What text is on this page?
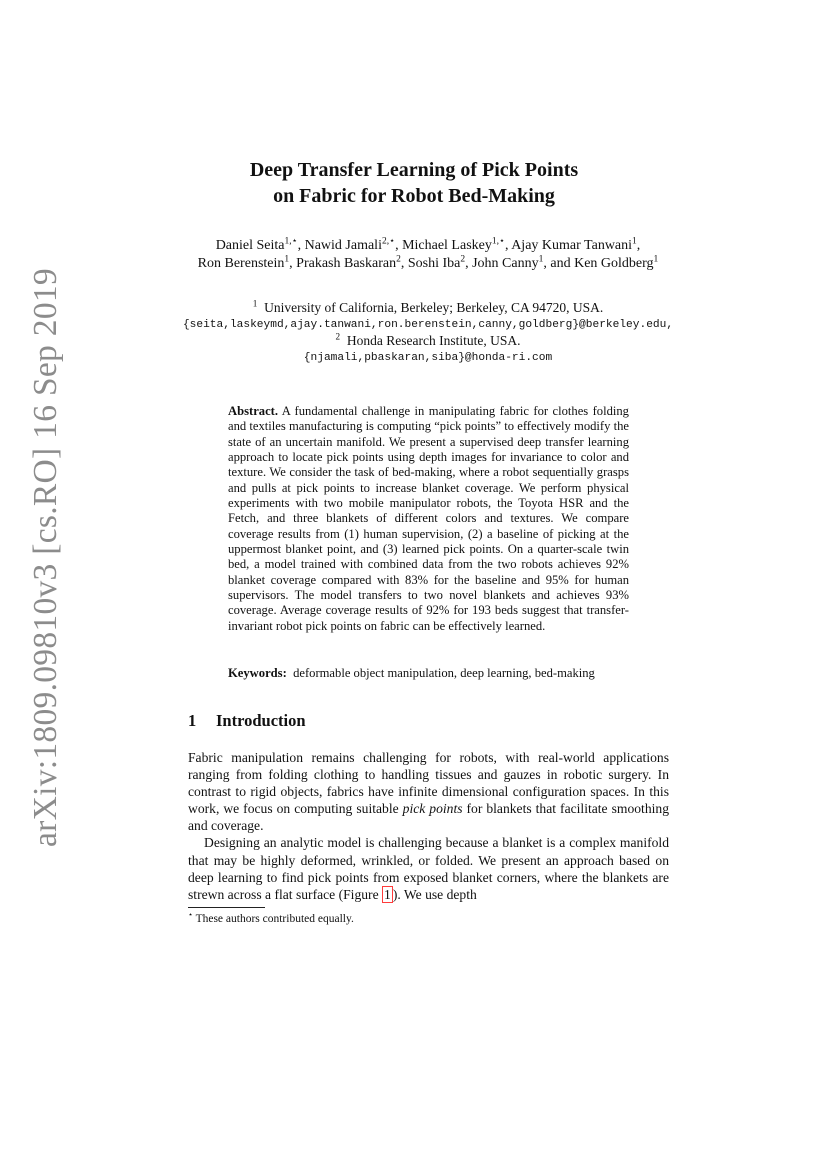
arXiv:1809.09810v3 [cs.RO] 16 Sep 2019
Deep Transfer Learning of Pick Points
on Fabric for Robot Bed-Making
Daniel Seita$^{1,⋆}$, Nawid Jamali$^{2,⋆}$, Michael Laskey$^{1,⋆}$, Ajay Kumar Tanwani$^1$,
Ron Berenstein$^1$, Prakash Baskaran$^2$, Soshi Iba$^2$, John Canny$^1$, and Ken Goldberg$^1$
$^1$ University of California, Berkeley; Berkeley, CA 94720, USA.
{seita,laskeymd,ajay.tanwani,ron.berenstein,canny,goldberg}@berkeley.edu,
$^2$ Honda Research Institute, USA.
{njamali,pbaskaran,siba}@honda-ri.com
Abstract. A fundamental challenge in manipulating fabric for clothes folding and textiles manufacturing is computing “pick points” to effectively modify the state of an uncertain manifold. We present a supervised deep transfer learning approach to locate pick points using depth images for invariance to color and texture. We consider the task of bed-making, where a robot sequentially grasps and pulls at pick points to increase blanket coverage. We perform physical experiments with two mobile manipulator robots, the Toyota HSR and the Fetch, and three blankets of different colors and textures. We compare coverage results from (1) human supervision, (2) a baseline of picking at the uppermost blanket point, and (3) learned pick points. On a quarter-scale twin bed, a model trained with combined data from the two robots achieves 92% blanket coverage compared with 83% for the baseline and 95% for human supervisors. The model transfers to two novel blankets and achieves 93% coverage. Average coverage results of 92% for 193 beds suggest that transfer-invariant robot pick points on fabric can be effectively learned.
Keywords: deformable object manipulation, deep learning, bed-making
1 Introduction

Fabric manipulation remains challenging for robots, with real-world applications ranging from folding clothing to handling tissues and gauzes in robotic surgery. In contrast to rigid objects, fabrics have infinite dimensional configuration spaces. In this work, we focus on computing suitable pick points for blankets that facilitate smoothing and coverage.

Designing an analytic model is challenging because a blanket is a complex manifold that may be highly deformed, wrinkled, or folded. We present an approach based on deep learning to find pick points from exposed blanket corners, where the blankets are strewn across a flat surface (Figure 1 ). We use depth

⋆ These authors contributed equally.
